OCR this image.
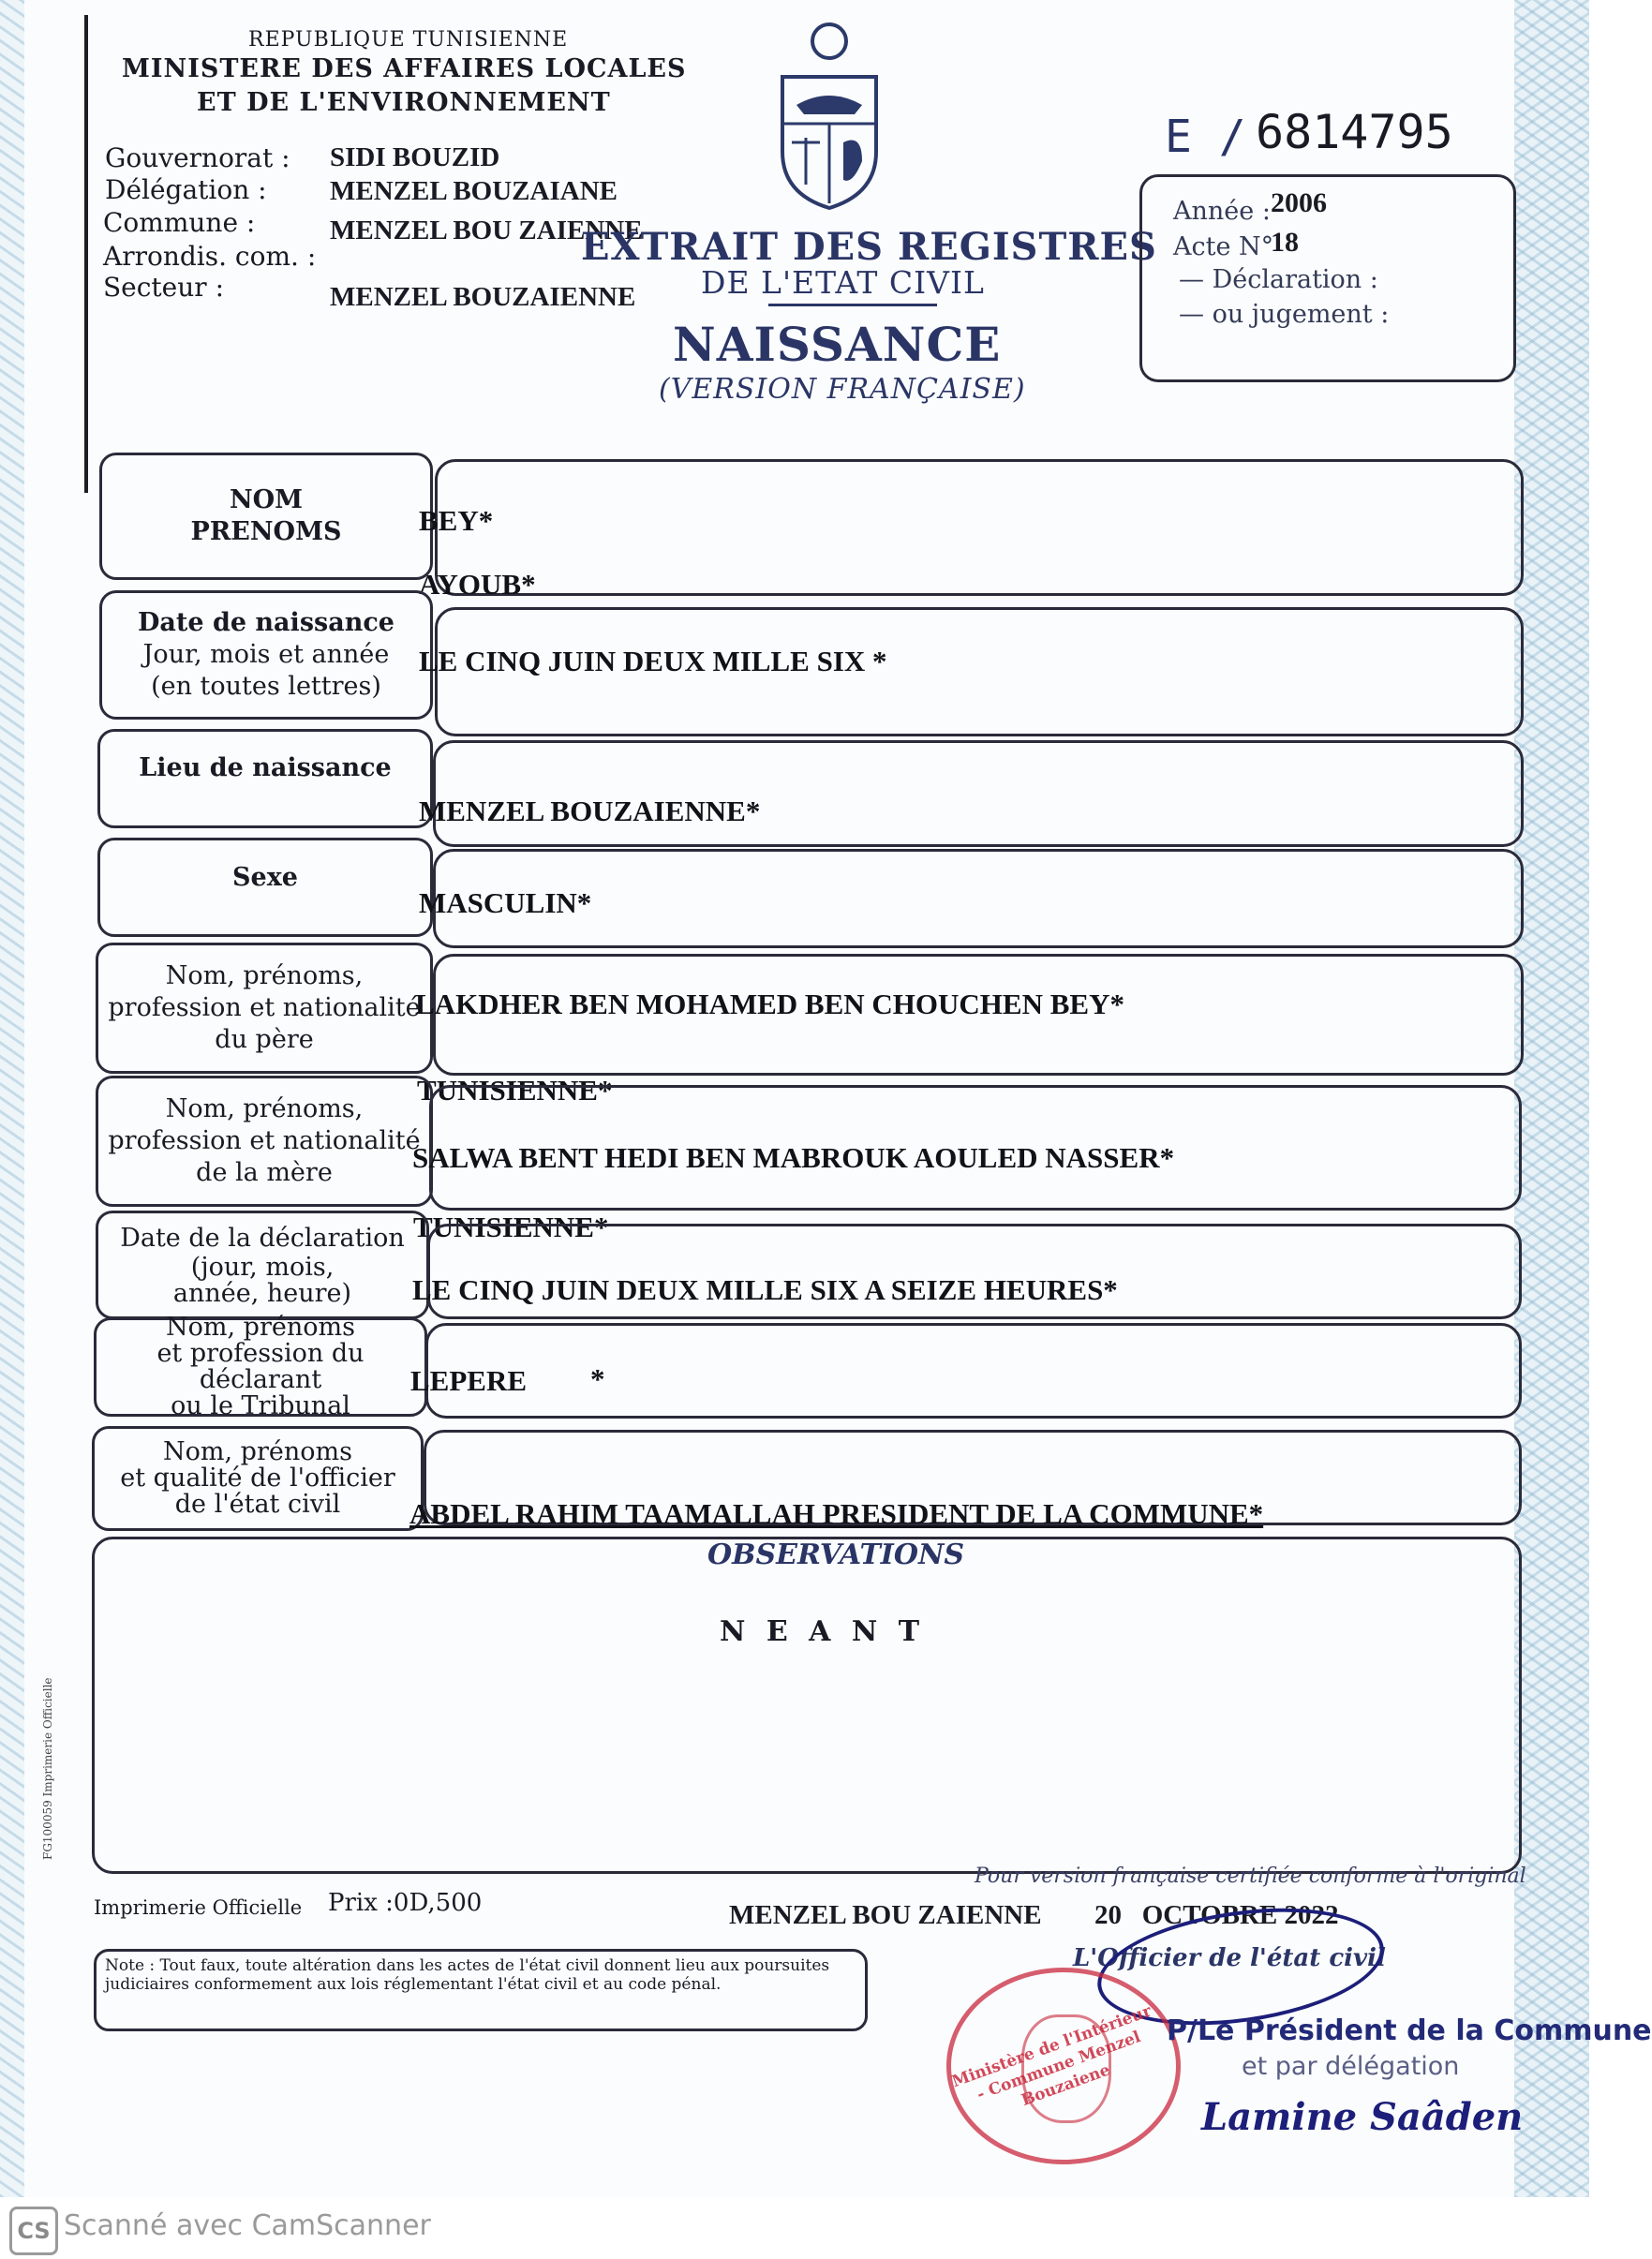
REPUBLIQUE TUNISIENNE
MINISTERE DES AFFAIRES LOCALES
ET DE L'ENVIRONNEMENT
Gouvernorat : SIDI BOUZID
Délégation : MENZEL BOUZAIANE
Commune :	MENZEL BOU ZAIENNE
Arrondis. com. :
Secteur :	MENZEL BOUZAIENNE
EXTRAIT DES REGISTRES
DE L'ETAT CIVIL
NAISSANCE
(VERSION FRANÇAISE)
E / 6814795
Année : 2006
Acte N°
18
— Déclaration :
— ou jugement :
NOM
PRENOMS	BEY*
AYOUB*
Date de naissance
Jour, mois et année
(en toutes lettres)
LE CINQ JUIN DEUX MILLE SIX *
Lieu de naissance
MENZEL BOUZAIENNE*
Sexe
MASCULIN*
Nom, prénoms,
profession et nationalité
du père
LAKDHER BEN MOHAMED BEN CHOUCHEN BEY*
TUNISIENNE*
Nom, prénoms,
profession et nationalité
de la mère	SALWA BENT HEDI BEN MABROUK AOULED NASSER*
TUNISIENNE*
Date de la déclaration
(jour, mois,
année, heure)	LE CINQ JUIN DEUX MILLE SIX A SEIZE HEURES*
Nom, prénoms
et profession du déclarant
ou le Tribunal
LEPERE *
Nom, prénoms
et qualité de l'officier
de l'état civil	ABDEL RAHIM TAAMALLAH PRESIDENT DE LA COMMUNE*
OBSERVATIONS
N E A N T
FG100059 Imprimerie Officielle
Imprimerie Officielle Prix :0D,500
Pour version française certifiée conforme à l'original
MENZEL BOU ZAIENNE 20   OCTOBRE 2022
L'Officier de l'état civil
Note : Tout faux, toute altération dans les actes de l'état civil donnent lieu aux poursuites judiciaires conformement aux lois réglementant l'état civil et au code pénal.
Ministère de l'Intérieur - Commune Menzel Bouzaiene
P/Le Président de la Commune
et par délégation
Lamine Saâden
CS Scanné avec CamScanner
